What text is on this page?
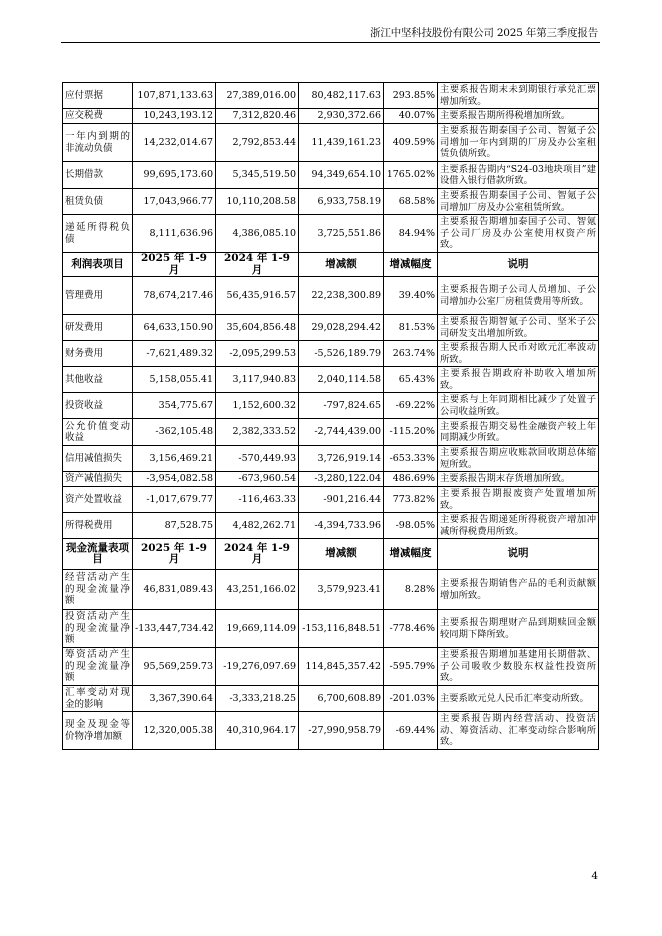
浙江中坚科技股份有限公司 2025 年第三季度报告
应付票据	107,871,133.63	27,389,016.00	80,482,117.63	293.85%	主要系报告期末未到期银行承兑汇票增加所致。
应交税费	10,243,193.12	7,312,820.46	2,930,372.66	40.07%	主要系报告期所得税增加所致。
一年内到期的非流动负债	14,232,014.67	2,792,853.44	11,439,161.23	409.59%	主要系报告期泰国子公司、智氪子公司增加一年内到期的厂房及办公室租赁负债所致。
长期借款	99,695,173.60	5,345,519.50	94,349,654.10	1765.02%	主要系报告期内“S24-03地块项目”建设借入银行借款所致。
租赁负债	17,043,966.77	10,110,208.58	6,933,758.19	68.58%	主要系报告期泰国子公司、智氪子公司增加厂房及办公室租赁所致。
递延所得税负债	8,111,636.96	4,386,085.10	3,725,551.86	84.94%	主要系报告期增加泰国子公司、智氪子公司厂房及办公室使用权资产所致。
利润表项目	2025 年 1-9 月	2024 年 1-9 月	增减额	增减幅度	说明
管理费用	78,674,217.46	56,435,916.57	22,238,300.89	39.40%	主要系报告期子公司人员增加、子公司增加办公室厂房租赁费用等所致。
研发费用	64,633,150.90	35,604,856.48	29,028,294.42	81.53%	主要系报告期智氪子公司、坚米子公司研发支出增加所致。
财务费用	-7,621,489.32	-2,095,299.53	-5,526,189.79	263.74%	主要系报告期人民币对欧元汇率波动所致。
其他收益	5,158,055.41	3,117,940.83	2,040,114.58	65.43%	主要系报告期政府补助收入增加所致。
投资收益	354,775.67	1,152,600.32	-797,824.65	-69.22%	主要系与上年同期相比减少了处置子公司收益所致。
公允价值变动收益	-362,105.48	2,382,333.52	-2,744,439.00	-115.20%	主要系报告期交易性金融资产较上年同期减少所致。
信用减值损失	3,156,469.21	-570,449.93	3,726,919.14	-653.33%	主要系报告期应收账款回收期总体缩短所致。
资产减值损失	-3,954,082.58	-673,960.54	-3,280,122.04	486.69%	主要系报告期末存货增加所致。
资产处置收益	-1,017,679.77	-116,463.33	-901,216.44	773.82%	主要系报告期报废资产处置增加所致。
所得税费用	87,528.75	4,482,262.71	-4,394,733.96	-98.05%	主要系报告期递延所得税资产增加冲减所得税费用所致。
现金流量表项目	2025 年 1-9 月	2024 年 1-9 月	增减额	增减幅度	说明
经营活动产生的现金流量净额	46,831,089.43	43,251,166.02	3,579,923.41	8.28%	主要系报告期销售产品的毛利贡献额增加所致。
投资活动产生的现金流量净额	-133,447,734.42	19,669,114.09	-153,116,848.51	-778.46%	主要系报告期理财产品到期赎回金额较同期下降所致。
筹资活动产生的现金流量净额	95,569,259.73	-19,276,097.69	114,845,357.42	-595.79%	主要系报告期增加基建用长期借款、子公司吸收少数股东权益性投资所致。
汇率变动对现金的影响	3,367,390.64	-3,333,218.25	6,700,608.89	-201.03%	主要系欧元兑人民币汇率变动所致。
现金及现金等价物净增加额	12,320,005.38	40,310,964.17	-27,990,958.79	-69.44%	主要系报告期内经营活动、投资活动、筹资活动、汇率变动综合影响所致。
4
